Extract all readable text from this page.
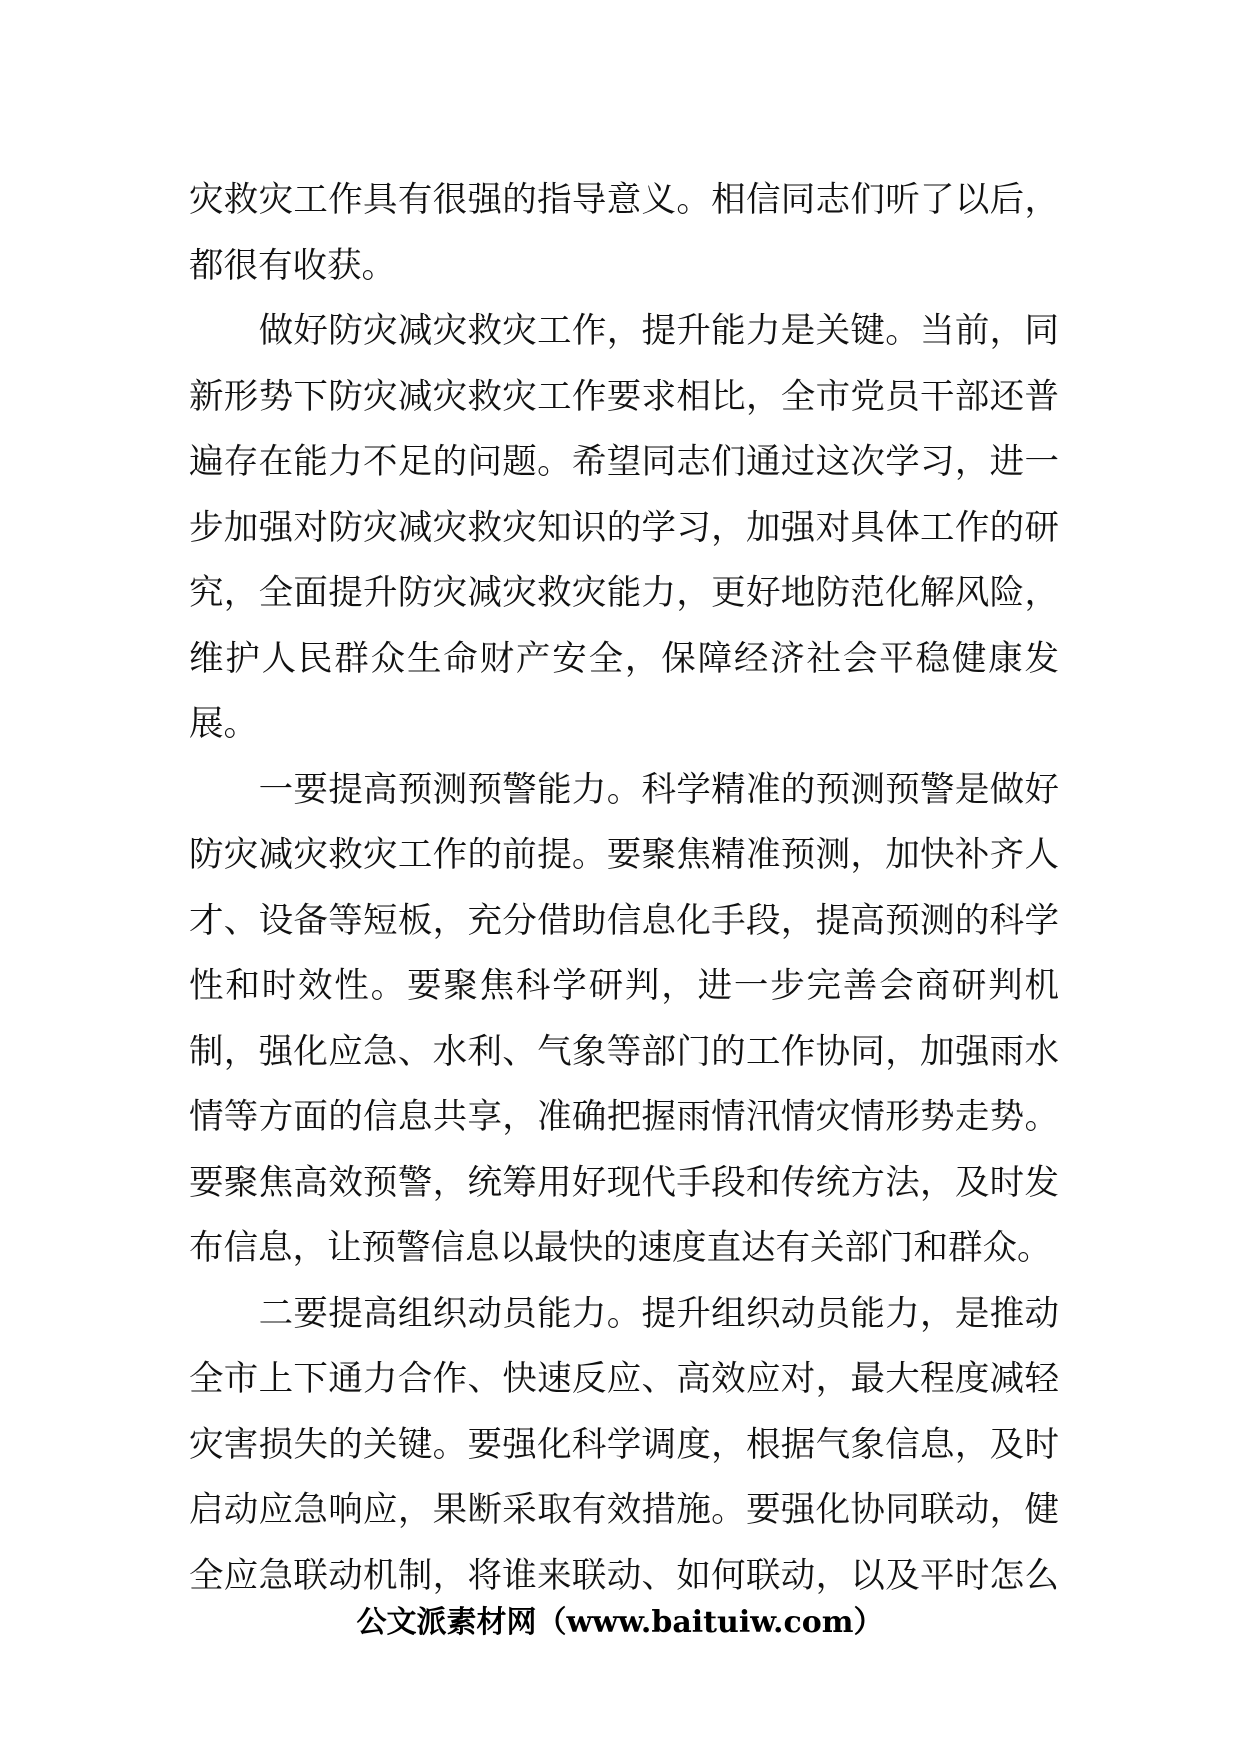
灾救灾工作具有很强的指导意义。相信同志们听了以后，
都很有收获。
　　做好防灾减灾救灾工作，提升能力是关键。当前，同
新形势下防灾减灾救灾工作要求相比，全市党员干部还普
遍存在能力不足的问题。希望同志们通过这次学习，进一
步加强对防灾减灾救灾知识的学习，加强对具体工作的研
究，全面提升防灾减灾救灾能力，更好地防范化解风险，
维护人民群众生命财产安全，保障经济社会平稳健康发
展。
　　一要提高预测预警能力。科学精准的预测预警是做好
防灾减灾救灾工作的前提。要聚焦精准预测，加快补齐人
才、设备等短板，充分借助信息化手段，提高预测的科学
性和时效性。要聚焦科学研判，进一步完善会商研判机
制，强化应急、水利、气象等部门的工作协同，加强雨水
情等方面的信息共享，准确把握雨情汛情灾情形势走势。
要聚焦高效预警，统筹用好现代手段和传统方法，及时发
布信息，让预警信息以最快的速度直达有关部门和群众。
　　二要提高组织动员能力。提升组织动员能力，是推动
全市上下通力合作、快速反应、高效应对，最大程度减轻
灾害损失的关键。要强化科学调度，根据气象信息，及时
启动应急响应，果断采取有效措施。要强化协同联动，健
全应急联动机制，将谁来联动、如何联动，以及平时怎么
公文派素材网（www.baituiw.com）
